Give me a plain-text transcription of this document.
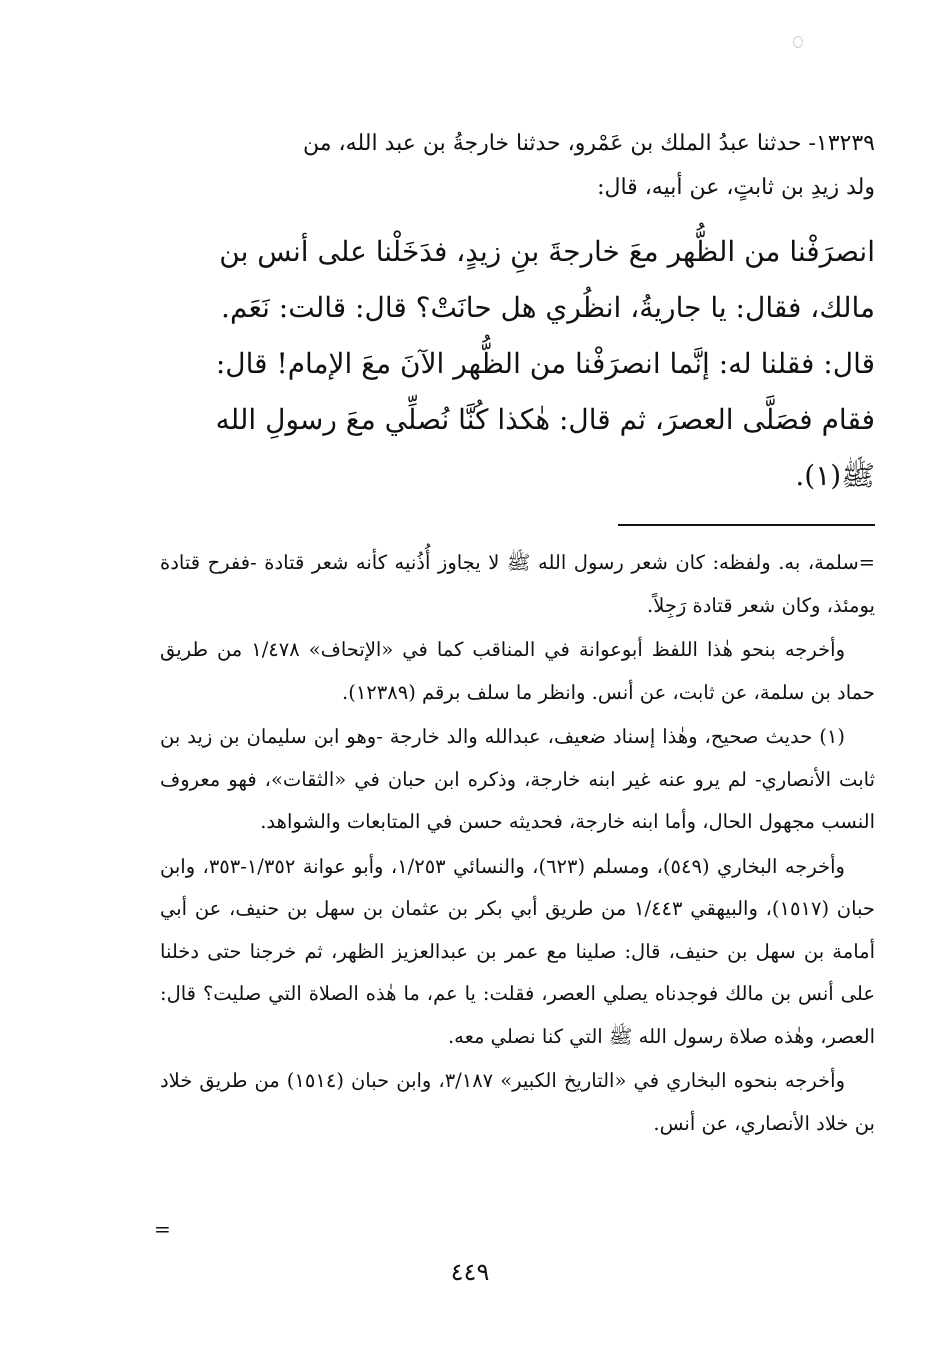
١٣٢٣٩- حدثنا عبدُ الملك بن عَمْرو، حدثنا خارجةُ بن عبد الله، من

ولد زيدِ بن ثابتٍ، عن أبيه، قال:

انصرَفْنا من الظُّهر معَ خارجةَ بنِ زيدٍ، فدَخَلْنا على أنس بن

مالك، فقال: يا جاريةُ، انظُري هل حانَتْ؟ قال: قالت: نَعَم.

قال: فقلنا له: إنَّما انصرَفْنا من الظُّهر الآنَ معَ الإمام! قال:

فقام فصَلَّى العصرَ، ثم قال: هٰكذا كُنَّا نُصلِّي معَ رسولِ الله

ﷺ(١).

=سلمة، به. ولفظه: كان شعر رسول الله ﷺ لا يجاوز أُذُنيه كأنه شعر قتادة -ففرح قتادة يومئذ، وكان شعر قتادة رَجِلاً.

وأخرجه بنحو هٰذا اللفظ أبوعوانة في المناقب كما في «الإتحاف» ١/٤٧٨ من طريق حماد بن سلمة، عن ثابت، عن أنس. وانظر ما سلف برقم (١٢٣٨٩).

(١) حديث صحيح، وهٰذا إسناد ضعيف، عبدالله والد خارجة -وهو ابن سليمان بن زيد بن ثابت الأنصاري- لم يرو عنه غير ابنه خارجة، وذكره ابن حبان في «الثقات»، فهو معروف النسب مجهول الحال، وأما ابنه خارجة، فحديثه حسن في المتابعات والشواهد.

وأخرجه البخاري (٥٤٩)، ومسلم (٦٢٣)، والنسائي ١/٢٥٣، وأبو عوانة ١/٣٥٢-٣٥٣، وابن حبان (١٥١٧)، والبيهقي ١/٤٤٣ من طريق أبي بكر بن عثمان بن سهل بن حنيف، عن أبي أمامة بن سهل بن حنيف، قال: صلينا مع عمر بن عبدالعزيز الظهر، ثم خرجنا حتى دخلنا على أنس بن مالك فوجدناه يصلي العصر، فقلت: يا عم، ما هٰذه الصلاة التي صليت؟ قال: العصر، وهٰذه صلاة رسول الله ﷺ التي كنا نصلي معه.

وأخرجه بنحوه البخاري في «التاريخ الكبير» ٣/١٨٧، وابن حبان (١٥١٤) من طريق خلاد بن خلاد الأنصاري، عن أنس.

=
٤٤٩
